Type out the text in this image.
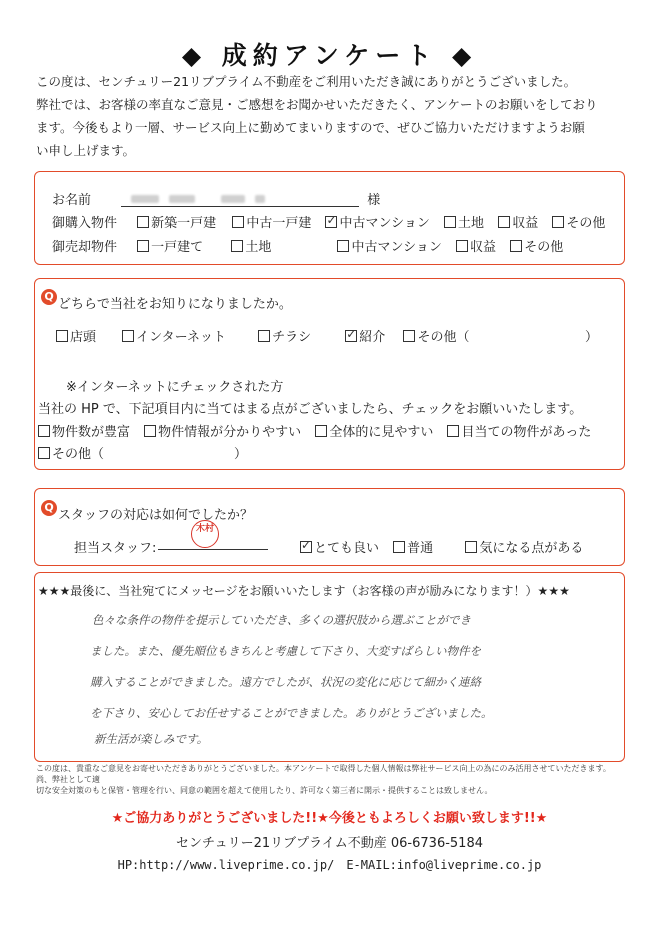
◆ 成約アンケート ◆
この度は、センチュリー21リブプライム不動産をご利用いただき誠にありがとうございました。
弊社では、お客様の率直なご意見・ご感想をお聞かせいただきたく、アンケートのお願いをしており
ます。今後もより一層、サービス向上に勤めてまいりますので、ぜひご協力いただけますようお願
い申し上げます。
お名前	様
御購入物件	新築一戸建 中古一戸建 ✓ 中古マンション 土地 収益 その他
御売却物件	一戸建て	土地	中古マンション 収益 その他
Q
どちらで当社をお知りになりましたか。
店頭	インターネット	チラシ ✓	紹介 その他（	）
※インターネットにチェックされた方
当社の HP で、下記項目内に当てはまる点がございましたら、チェックをお願いいたします。
物件数が豊富 物件情報が分かりやすい 全体的に見やすい 目当ての物件があった
その他（	）
Q
スタッフの対応は如何でしたか？
担当スタッフ:
木村
✓とても良い 普通	気になる点がある
★★★最後に、当社宛てにメッセージをお願いいたします（お客様の声が励みになります！）★★★
色々な条件の物件を提示していただき、多くの選択肢から選ぶことができ
ました。また、優先順位もきちんと考慮して下さり、大変すばらしい物件を
購入することができました。遠方でしたが、状況の変化に応じて細かく連絡
を下さり、安心してお任せすることができました。ありがとうございました。
新生活が楽しみです。
この度は、貴重なご意見をお寄せいただきありがとうございました。本アンケートで取得した個人情報は弊社サービス向上の為にのみ活用させていただきます。尚、弊社として適
切な安全対策のもと保管・管理を行い、同意の範囲を超えて使用したり、許可なく第三者に開示・提供することは致しません。
★ご協力ありがとうございました!!★今後ともよろしくお願い致します!!★
センチュリー21リブプライム不動産 06-6736-5184
HP:http://www.liveprime.co.jp/　E-MAIL:info@liveprime.co.jp
